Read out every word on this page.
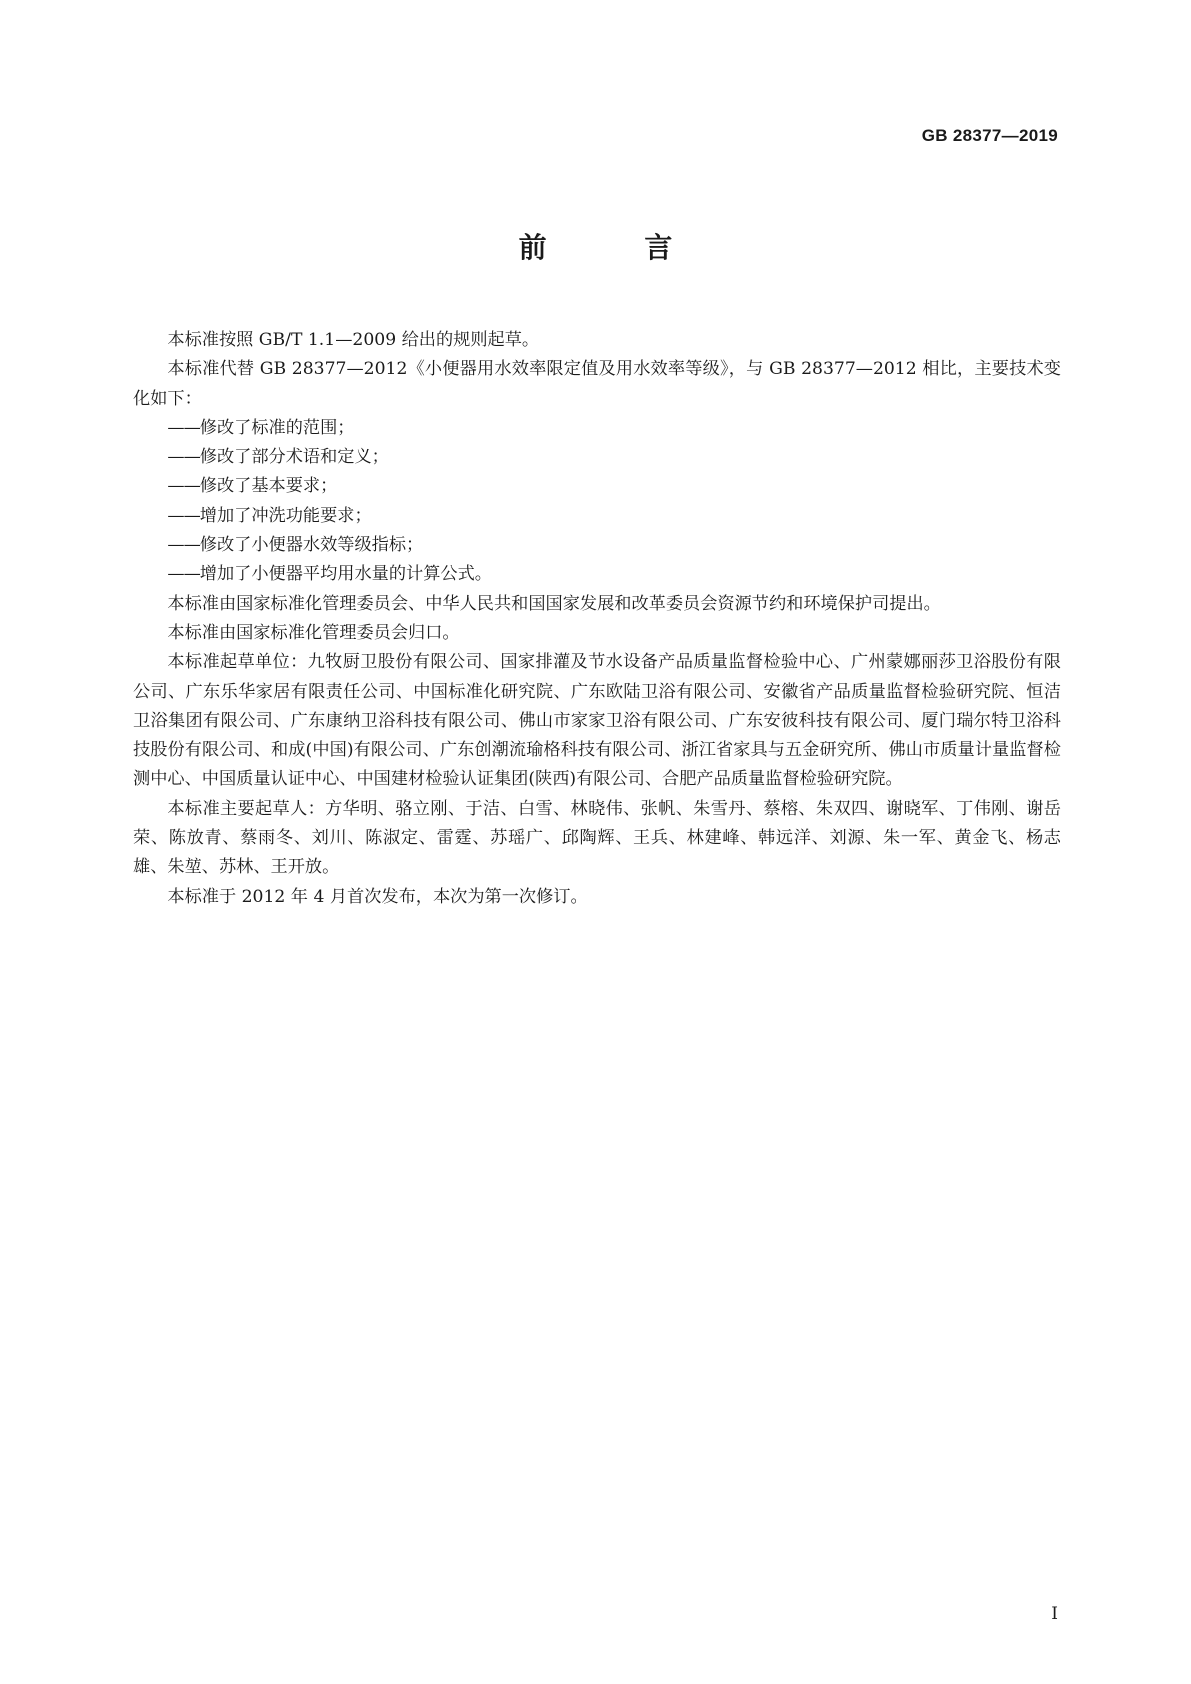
GB 28377—2019
前 言

本标准按照 GB/T 1.1—2009 给出的规则起草。

本标准代替 GB 28377—2012《小便器用水效率限定值及用水效率等级》，与 GB 28377—2012 相比，主要技术变化如下：

——修改了标准的范围；
——修改了部分术语和定义；
——修改了基本要求；
——增加了冲洗功能要求；
——修改了小便器水效等级指标；
——增加了小便器平均用水量的计算公式。

本标准由国家标准化管理委员会、中华人民共和国国家发展和改革委员会资源节约和环境保护司提出。

本标准由国家标准化管理委员会归口。

本标准起草单位：九牧厨卫股份有限公司、国家排灌及节水设备产品质量监督检验中心、广州蒙娜丽莎卫浴股份有限公司、广东乐华家居有限责任公司、中国标准化研究院、广东欧陆卫浴有限公司、安徽省产品质量监督检验研究院、恒洁卫浴集团有限公司、广东康纳卫浴科技有限公司、佛山市家家卫浴有限公司、广东安彼科技有限公司、厦门瑞尔特卫浴科技股份有限公司、和成(中国)有限公司、广东创潮流瑜格科技有限公司、浙江省家具与五金研究所、佛山市质量计量监督检测中心、中国质量认证中心、中国建材检验认证集团(陕西)有限公司、合肥产品质量监督检验研究院。

本标准主要起草人：方华明、骆立刚、于洁、白雪、林晓伟、张帆、朱雪丹、蔡榕、朱双四、谢晓军、丁伟刚、谢岳荣、陈放青、蔡雨冬、刘川、陈淑定、雷霆、苏瑶广、邱陶辉、王兵、林建峰、韩远洋、刘源、朱一军、黄金飞、杨志雄、朱堃、苏林、王开放。

本标准于 2012 年 4 月首次发布，本次为第一次修订。

I
